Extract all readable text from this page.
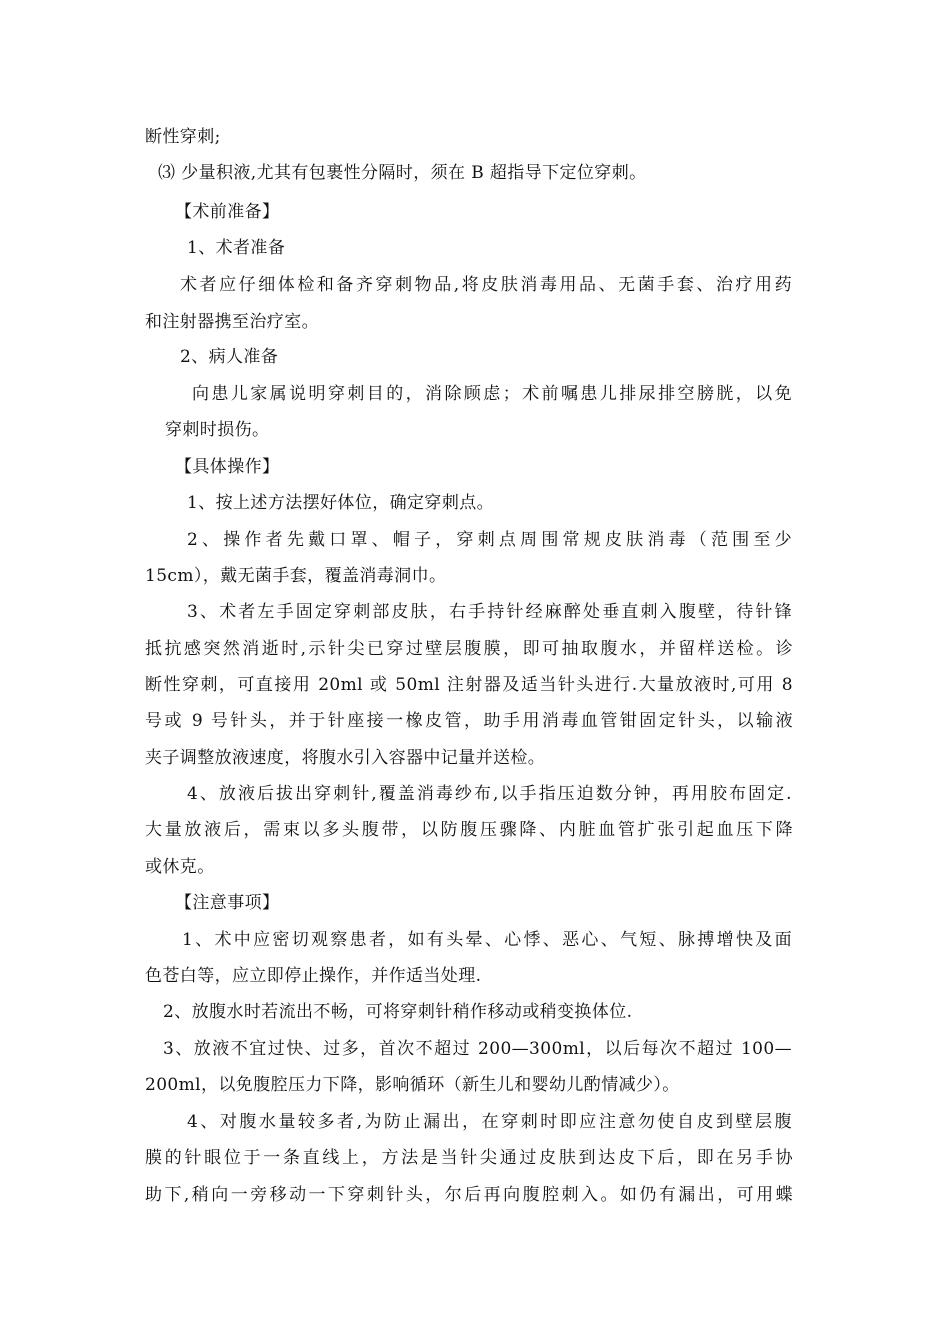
断性穿刺;
⑶ 少量积液,尤其有包裹性分隔时，须在 B 超指导下定位穿刺。
【术前准备】
1、术者准备
术者应仔细体检和备齐穿刺物品,将皮肤消毒用品、无菌手套、治疗用药
和注射器携至治疗室。
2、病人准备
向患儿家属说明穿刺目的，消除顾虑；术前嘱患儿排尿排空膀胱，以免
穿刺时损伤。
【具体操作】
1、按上述方法摆好体位，确定穿刺点。
2、操作者先戴口罩、帽子，穿刺点周围常规皮肤消毒（范围至少
15cm），戴无菌手套，覆盖消毒洞巾。
3、术者左手固定穿刺部皮肤，右手持针经麻醉处垂直刺入腹壁，待针锋
抵抗感突然消逝时,示针尖已穿过壁层腹膜，即可抽取腹水，并留样送检。诊
断性穿刺，可直接用 20ml 或 50ml 注射器及适当针头进行.大量放液时,可用 8
号或 9 号针头，并于针座接一橡皮管，助手用消毒血管钳固定针头，以输液
夹子调整放液速度，将腹水引入容器中记量并送检。
4、放液后拔出穿刺针,覆盖消毒纱布,以手指压迫数分钟，再用胶布固定.
大量放液后，需束以多头腹带，以防腹压骤降、内脏血管扩张引起血压下降
或休克。
【注意事项】
1、术中应密切观察患者，如有头晕、心悸、恶心、气短、脉搏增快及面
色苍白等，应立即停止操作，并作适当处理.
2、放腹水时若流出不畅，可将穿刺针稍作移动或稍变换体位.
3、放液不宜过快、过多，首次不超过 200—300ml，以后每次不超过 100—
200ml，以免腹腔压力下降，影响循环（新生儿和婴幼儿酌情减少）。
4、对腹水量较多者,为防止漏出，在穿刺时即应注意勿使自皮到壁层腹
膜的针眼位于一条直线上，方法是当针尖通过皮肤到达皮下后，即在另手协
助下,稍向一旁移动一下穿刺针头，尔后再向腹腔刺入。如仍有漏出，可用蝶
